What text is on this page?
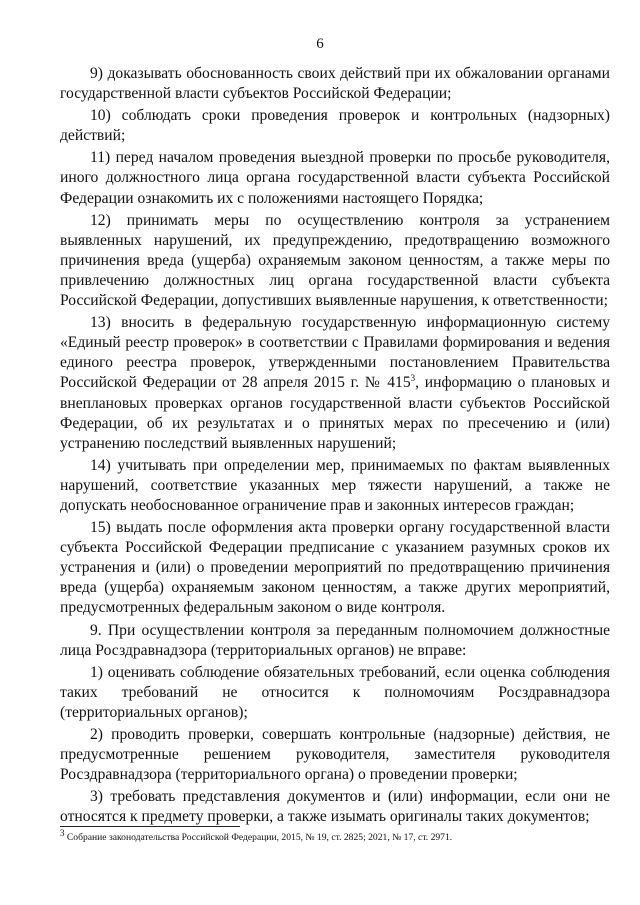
6

9) доказывать обоснованность своих действий при их обжаловании органами государственной власти субъектов Российской Федерации;

10) соблюдать сроки проведения проверок и контрольных (надзорных) действий;

11) перед началом проведения выездной проверки по просьбе руководителя, иного должностного лица органа государственной власти субъекта Российской Федерации ознакомить их с положениями настоящего Порядка;

12) принимать меры по осуществлению контроля за устранением выявленных нарушений, их предупреждению, предотвращению возможного причинения вреда (ущерба) охраняемым законом ценностям, а также меры по привлечению должностных лиц органа государственной власти субъекта Российской Федерации, допустивших выявленные нарушения, к ответственности;

13) вносить в федеральную государственную информационную систему «Единый реестр проверок» в соответствии с Правилами формирования и ведения единого реестра проверок, утвержденными постановлением Правительства Российской Федерации от 28 апреля 2015 г. № $415^3$, информацию о плановых и внеплановых проверках органов государственной власти субъектов Российской Федерации, об их результатах и о принятых мерах по пресечению и (или) устранению последствий выявленных нарушений;

14) учитывать при определении мер, принимаемых по фактам выявленных нарушений, соответствие указанных мер тяжести нарушений, а также не допускать необоснованное ограничение прав и законных интересов граждан;

15) выдать после оформления акта проверки органу государственной власти субъекта Российской Федерации предписание с указанием разумных сроков их устранения и (или) о проведении мероприятий по предотвращению причинения вреда (ущерба) охраняемым законом ценностям, а также других мероприятий, предусмотренных федеральным законом о виде контроля.

9. При осуществлении контроля за переданным полномочием должностные лица Росздравнадзора (территориальных органов) не вправе:

1) оценивать соблюдение обязательных требований, если оценка соблюдения таких требований не относится к полномочиям Росздравнадзора (территориальных органов);

2) проводить проверки, совершать контрольные (надзорные) действия, не предусмотренные решением руководителя, заместителя руководителя Росздравнадзора (территориального органа) о проведении проверки;

3) требовать представления документов и (или) информации, если они не относятся к предмету проверки, а также изымать оригиналы таких документов;

$^3$ Собрание законодательства Российской Федерации, 2015, № 19, ст. 2825; 2021, № 17, ст. 2971.
